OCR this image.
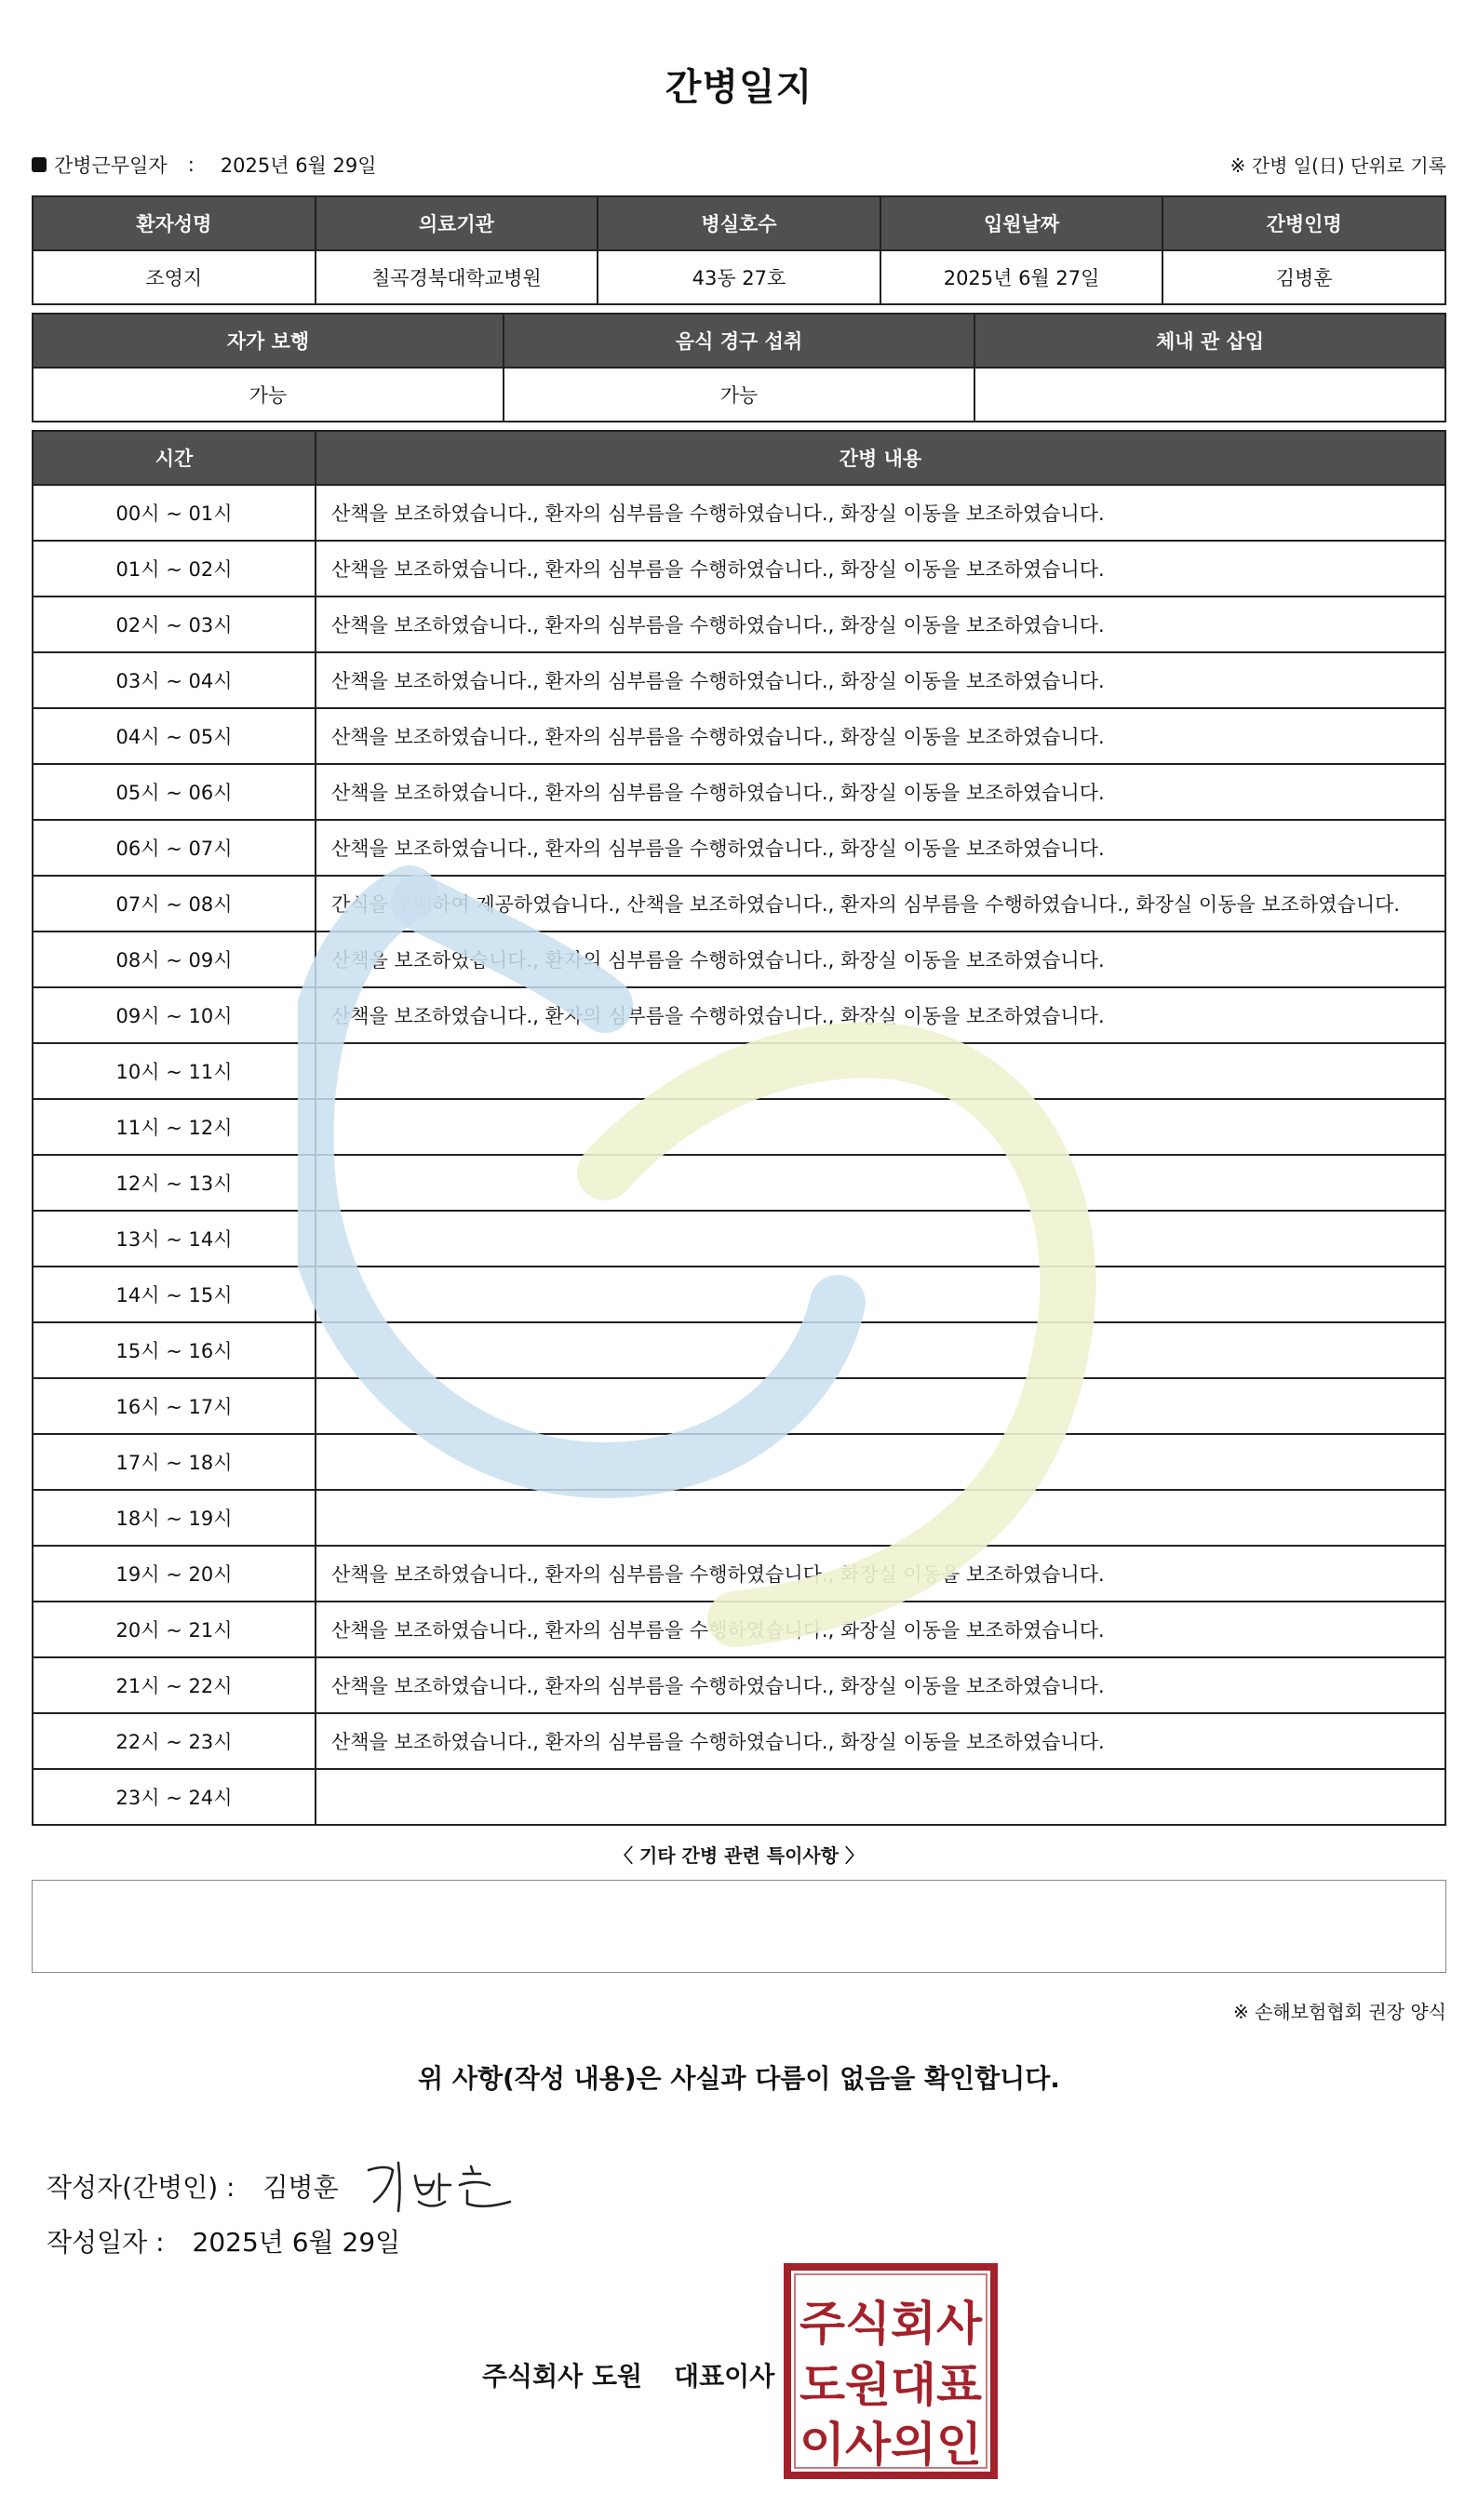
간병일지
간병근무일자 : 2025년 6월 29일	※ 간병 일(日) 단위로 기록
환자성명	의료기관	병실호수	입원날짜	간병인명
조영지	칠곡경북대학교병원	43동 27호	2025년 6월 27일	김병훈
자가 보행	음식 경구 섭취	체내 관 삽입
가능	가능	
시간	간병 내용
00시 ~ 01시	산책을 보조하였습니다., 환자의 심부름을 수행하였습니다., 화장실 이동을 보조하였습니다.
01시 ~ 02시	산책을 보조하였습니다., 환자의 심부름을 수행하였습니다., 화장실 이동을 보조하였습니다.
02시 ~ 03시	산책을 보조하였습니다., 환자의 심부름을 수행하였습니다., 화장실 이동을 보조하였습니다.
03시 ~ 04시	산책을 보조하였습니다., 환자의 심부름을 수행하였습니다., 화장실 이동을 보조하였습니다.
04시 ~ 05시	산책을 보조하였습니다., 환자의 심부름을 수행하였습니다., 화장실 이동을 보조하였습니다.
05시 ~ 06시	산책을 보조하였습니다., 환자의 심부름을 수행하였습니다., 화장실 이동을 보조하였습니다.
06시 ~ 07시	산책을 보조하였습니다., 환자의 심부름을 수행하였습니다., 화장실 이동을 보조하였습니다.
07시 ~ 08시	간식을 구매하여 제공하였습니다., 산책을 보조하였습니다., 환자의 심부름을 수행하였습니다., 화장실 이동을 보조하였습니다.
08시 ~ 09시	산책을 보조하였습니다., 환자의 심부름을 수행하였습니다., 화장실 이동을 보조하였습니다.
09시 ~ 10시	산책을 보조하였습니다., 환자의 심부름을 수행하였습니다., 화장실 이동을 보조하였습니다.
10시 ~ 11시	
11시 ~ 12시	
12시 ~ 13시	
13시 ~ 14시	
14시 ~ 15시	
15시 ~ 16시	
16시 ~ 17시	
17시 ~ 18시	
18시 ~ 19시	
19시 ~ 20시	산책을 보조하였습니다., 환자의 심부름을 수행하였습니다., 화장실 이동을 보조하였습니다.
20시 ~ 21시	산책을 보조하였습니다., 환자의 심부름을 수행하였습니다., 화장실 이동을 보조하였습니다.
21시 ~ 22시	산책을 보조하였습니다., 환자의 심부름을 수행하였습니다., 화장실 이동을 보조하였습니다.
22시 ~ 23시	산책을 보조하였습니다., 환자의 심부름을 수행하였습니다., 화장실 이동을 보조하였습니다.
23시 ~ 24시	
〈 기타 간병 관련 특이사항 〉
※ 손해보험협회 권장 양식
위 사항(작성 내용)은 사실과 다름이 없음을 확인합니다.
작성자(간병인) : 김병훈
작성일자 : 2025년 6월 29일
주식회사 도원 대표이사
주식회사
도원대표
이사의인
